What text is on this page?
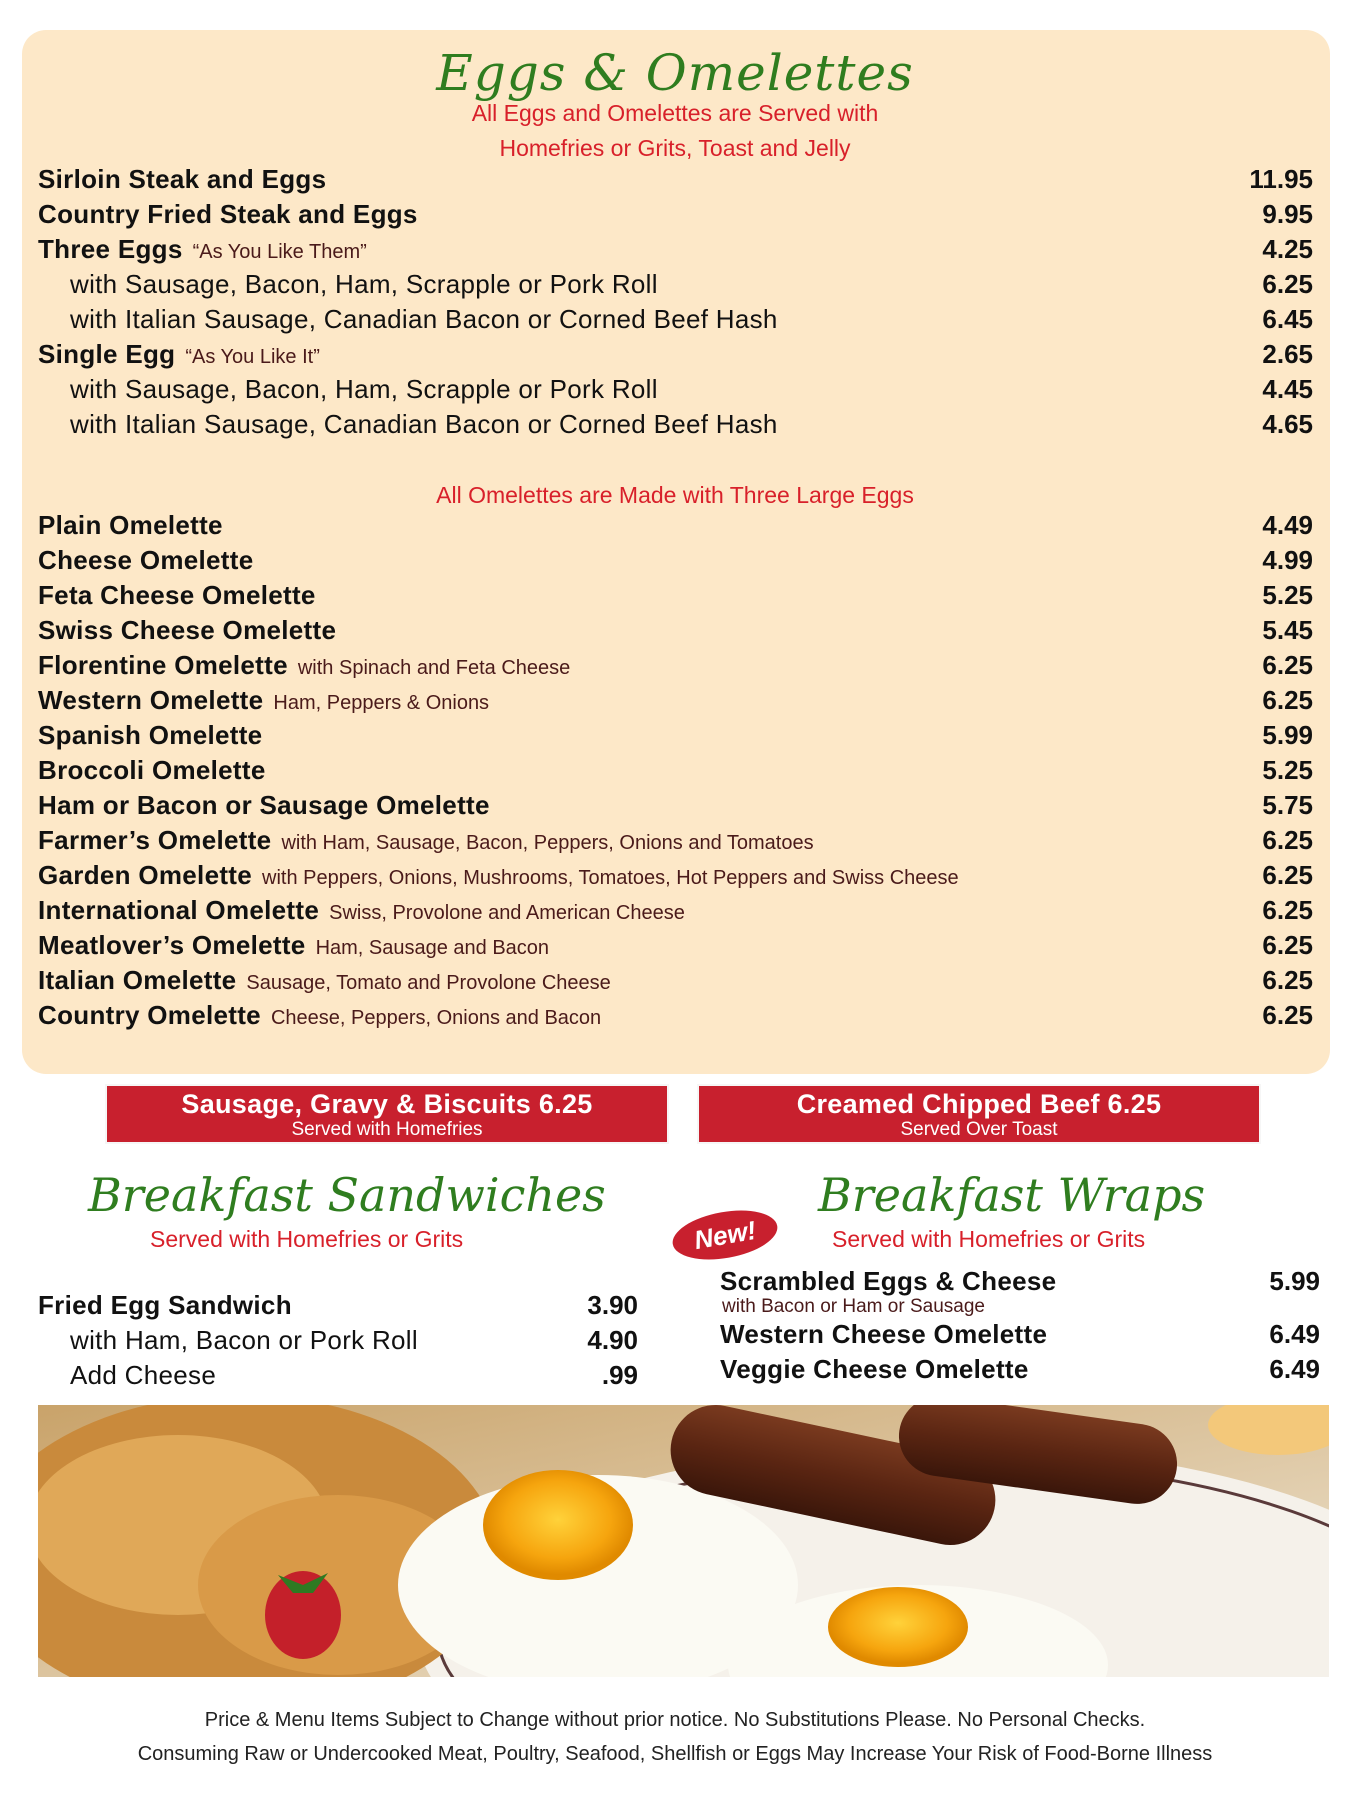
Eggs & Omelettes
All Eggs and Omelettes are Served with
Homefries or Grits, Toast and Jelly
Sirloin Steak and Eggs	11.95
Country Fried Steak and Eggs	9.95
Three Eggs “As You Like Them”	4.25
with Sausage, Bacon, Ham, Scrapple or Pork Roll	6.25
with Italian Sausage, Canadian Bacon or Corned Beef Hash	6.45
Single Egg “As You Like It”	2.65
with Sausage, Bacon, Ham, Scrapple or Pork Roll	4.45
with Italian Sausage, Canadian Bacon or Corned Beef Hash	4.65
All Omelettes are Made with Three Large Eggs
Plain Omelette	4.49
Cheese Omelette	4.99
Feta Cheese Omelette	5.25
Swiss Cheese Omelette	5.45
Florentine Omelette with Spinach and Feta Cheese	6.25
Western Omelette Ham, Peppers & Onions	6.25
Spanish Omelette	5.99
Broccoli Omelette	5.25
Ham or Bacon or Sausage Omelette	5.75
Farmer’s Omelette with Ham, Sausage, Bacon, Peppers, Onions and Tomatoes	6.25
Garden Omelette with Peppers, Onions, Mushrooms, Tomatoes, Hot Peppers and Swiss Cheese	6.25
International Omelette Swiss, Provolone and American Cheese	6.25
Meatlover’s Omelette Ham, Sausage and Bacon	6.25
Italian Omelette Sausage, Tomato and Provolone Cheese	6.25
Country Omelette Cheese, Peppers, Onions and Bacon	6.25
Sausage, Gravy & Biscuits 6.25
Served with Homefries
Creamed Chipped Beef 6.25
Served Over Toast
Breakfast Sandwiches
Served with Homefries or Grits	New!
Breakfast Wraps
Served with Homefries or Grits
Fried Egg Sandwich	3.90
with Ham, Bacon or Pork Roll	4.90
Add Cheese	.99
Scrambled Eggs & Cheese	5.99
with Bacon or Ham or Sausage
Western Cheese Omelette	6.49
Veggie Cheese Omelette	6.49
Price & Menu Items Subject to Change without prior notice. No Substitutions Please. No Personal Checks.
Consuming Raw or Undercooked Meat, Poultry, Seafood, Shellfish or Eggs May Increase Your Risk of Food-Borne Illness
